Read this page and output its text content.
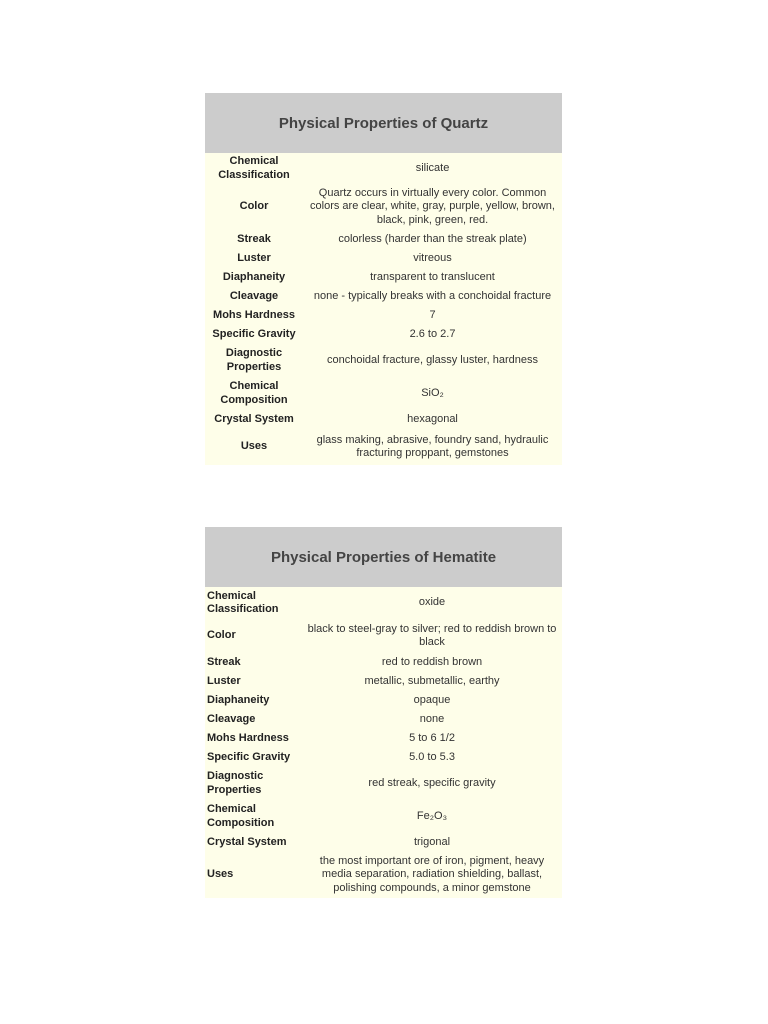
Physical Properties of Quartz
Chemical Classification	silicate
Color	Quartz occurs in virtually every color. Common colors are clear, white, gray, purple, yellow, brown, black, pink, green, red.
Streak	colorless (harder than the streak plate)
Luster	vitreous
Diaphaneity	transparent to translucent
Cleavage	none - typically breaks with a conchoidal fracture
Mohs Hardness	7
Specific Gravity	2.6 to 2.7
Diagnostic Properties	conchoidal fracture, glassy luster, hardness
Chemical Composition	SiO₂
Crystal System	hexagonal
Uses	glass making, abrasive, foundry sand, hydraulic fracturing proppant, gemstones
Physical Properties of Hematite
Chemical Classification	oxide
Color	black to steel-gray to silver; red to reddish brown to black
Streak	red to reddish brown
Luster	metallic, submetallic, earthy
Diaphaneity	opaque
Cleavage	none
Mohs Hardness	5 to 6 1/2
Specific Gravity	5.0 to 5.3
Diagnostic Properties	red streak, specific gravity
Chemical Composition	Fe₂O₃
Crystal System	trigonal
Uses	the most important ore of iron, pigment, heavy media separation, radiation shielding, ballast, polishing compounds, a minor gemstone
